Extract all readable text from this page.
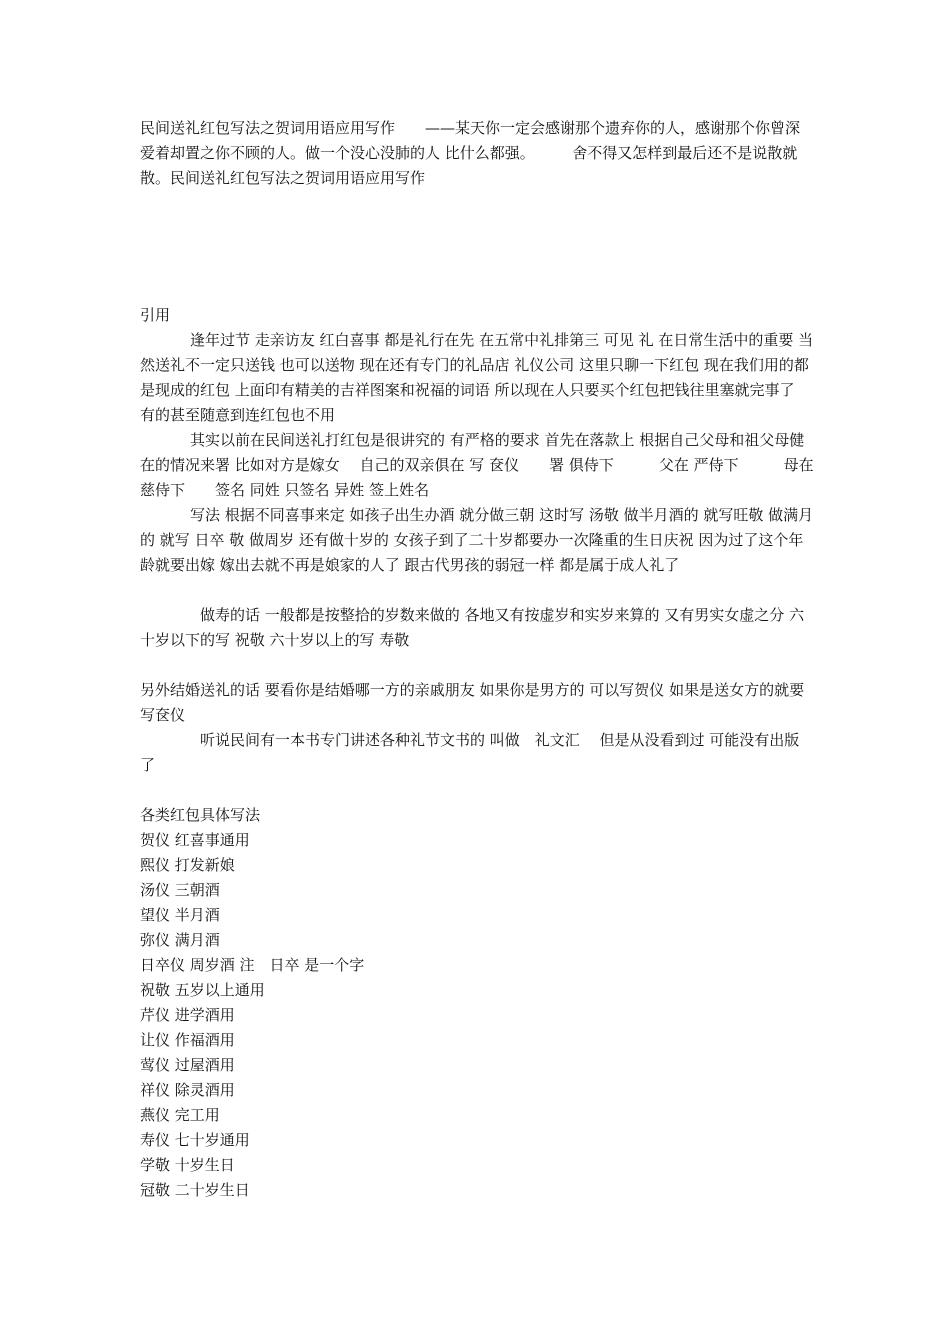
民间送礼红包写法之贺词用语应用写作　　——某天你一定会感谢那个遗弃你的人，感谢那个你曾深爱着却置之你不顾的人。做一个没心没肺的人 比什么都强。　　　舍不得又怎样到最后还不是说散就散。民间送礼红包写法之贺词用语应用写作

引用

逢年过节 走亲访友 红白喜事 都是礼行在先 在五常中礼排第三 可见 礼 在日常生活中的重要 当然送礼不一定只送钱 也可以送物 现在还有专门的礼品店 礼仪公司 这里只聊一下红包 现在我们用的都是现成的红包 上面印有精美的吉祥图案和祝福的词语 所以现在人只要买个红包把钱往里塞就完事了 有的甚至随意到连红包也不用

其实以前在民间送礼打红包是很讲究的 有严格的要求 首先在落款上 根据自己父母和祖父母健在的情况来署 比如对方是嫁女　 自己的双亲俱在 写 奁仪　　署 俱侍下　　　父在 严侍下　　　母在 慈侍下　　签名 同姓 只签名 异姓 签上姓名

写法 根据不同喜事来定 如孩子出生办酒 就分做三朝 这时写 汤敬 做半月酒的 就写旺敬 做满月的 就写 日卒 敬 做周岁 还有做十岁的 女孩子到了二十岁都要办一次隆重的生日庆祝 因为过了这个年龄就要出嫁 嫁出去就不再是娘家的人了 跟古代男孩的弱冠一样 都是属于成人礼了

做寿的话 一般都是按整拾的岁数来做的 各地又有按虚岁和实岁来算的 又有男实女虚之分 六十岁以下的写 祝敬 六十岁以上的写 寿敬

另外结婚送礼的话 要看你是结婚哪一方的亲戚朋友 如果你是男方的 可以写贺仪 如果是送女方的就要写奁仪

听说民间有一本书专门讲述各种礼节文书的 叫做　礼文汇　 但是从没看到过 可能没有出版了

各类红包具体写法
贺仪 红喜事通用
熙仪 打发新娘
汤仪 三朝酒
望仪 半月酒
弥仪 满月酒
日卒仪 周岁酒 注　日卒 是一个字
祝敬 五岁以上通用
芹仪 进学酒用
让仪 作福酒用
莺仪 过屋酒用
祥仪 除灵酒用
燕仪 完工用
寿仪 七十岁通用
学敬 十岁生日
冠敬 二十岁生日
